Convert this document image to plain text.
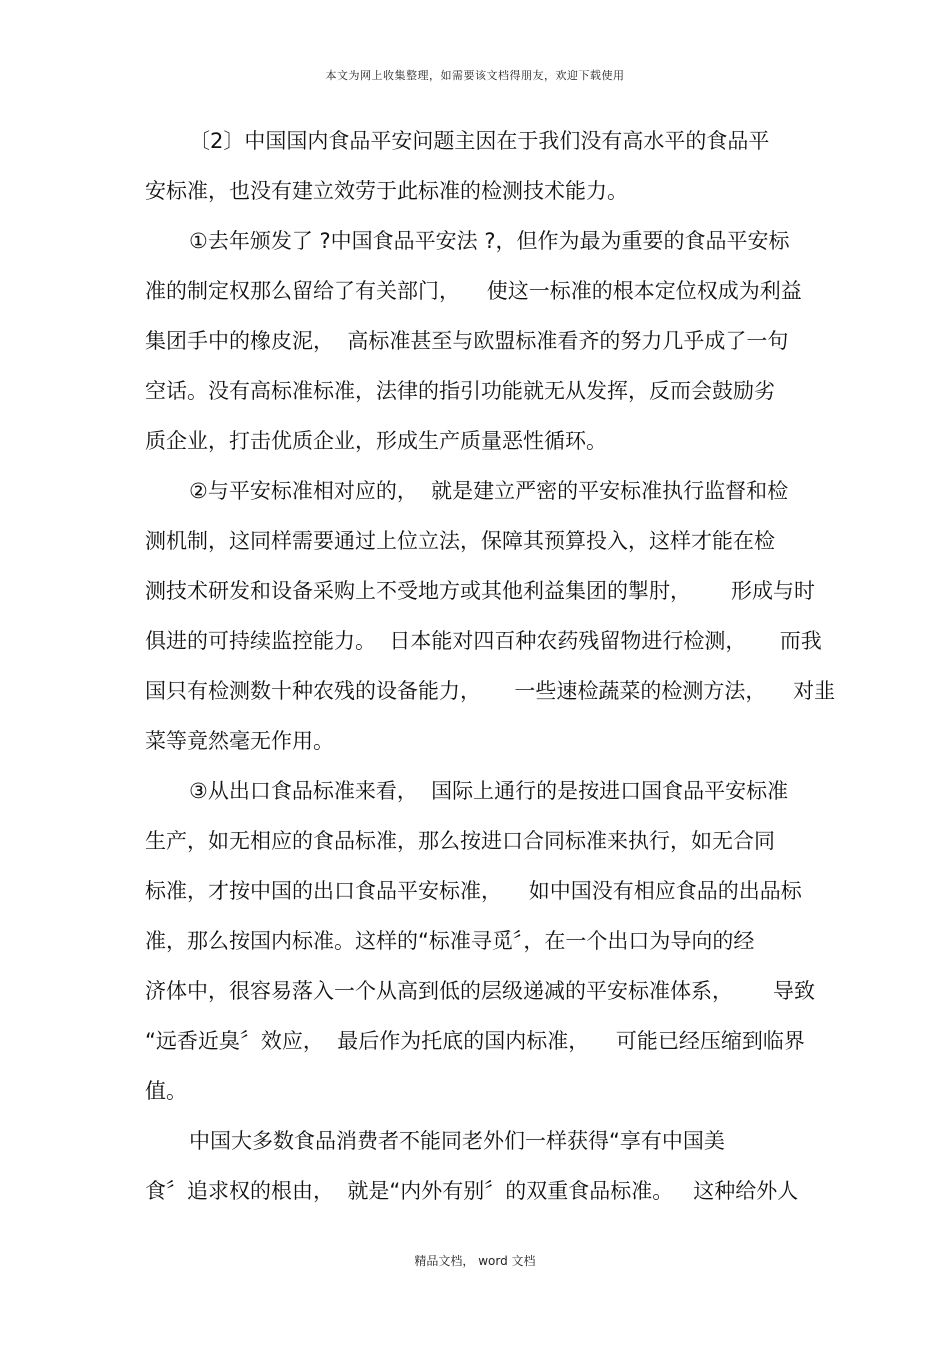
本文为网上收集整理，如需要该文档得朋友，欢迎下载使用
〔2〕中国国内食品平安问题主因在于我们没有高水平的食品平
安标准，也没有建立效劳于此标准的检测技术能力。
①去年颁发了 ?中国食品平安法 ?，但作为最为重要的食品平安标
准的制定权那么留给了有关部门，    使这一标准的根本定位权成为利益
集团手中的橡皮泥，  高标准甚至与欧盟标准看齐的努力几乎成了一句
空话。没有高标准标准，法律的指引功能就无从发挥，反而会鼓励劣
质企业，打击优质企业，形成生产质量恶性循环。
②与平安标准相对应的，  就是建立严密的平安标准执行监督和检
测机制，这同样需要通过上位立法，保障其预算投入，这样才能在检
测技术研发和设备采购上不受地方或其他利益集团的掣肘，      形成与时
俱进的可持续监控能力。  日本能对四百种农药残留物进行检测，     而我
国只有检测数十种农残的设备能力，     一些速检蔬菜的检测方法，    对韭
菜等竟然毫无作用。
③从出口食品标准来看，  国际上通行的是按进口国食品平安标准
生产，如无相应的食品标准，那么按进口合同标准来执行，如无合同
标准，才按中国的出口食品平安标准，    如中国没有相应食品的出品标
准，那么按国内标准。这样的“标准寻觅〞，在一个出口为导向的经
济体中，很容易落入一个从高到低的层级递减的平安标准体系，      导致
“远香近臭〞效应，  最后作为托底的国内标准，    可能已经压缩到临界
值。
中国大多数食品消费者不能同老外们一样获得“享有中国美
食〞追求权的根由，  就是“内外有别〞的双重食品标准。   这种给外人
精品文档， word 文档
